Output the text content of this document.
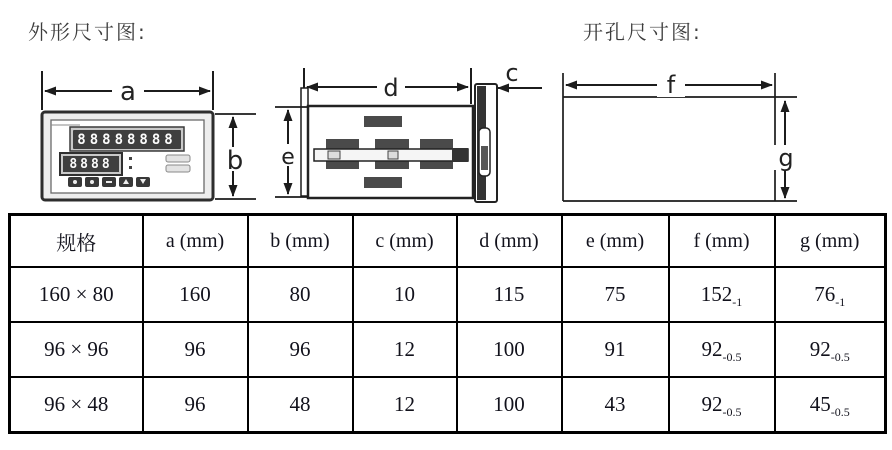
外形尺寸图:	开孔尺寸图:
a
88888888
8888	b
d
c
e
f
g
规格	a (mm)	b (mm)	c (mm)	d (mm)	e (mm)	f (mm)	g (mm)
160 × 80	160	80	10	115	75	$152_{-1}$	$76_{-1}$
96 × 96	96	96	12	100	91	$92_{-0.5}$	$92_{-0.5}$
96 × 48	96	48	12	100	43	$92_{-0.5}$	$45_{-0.5}$
